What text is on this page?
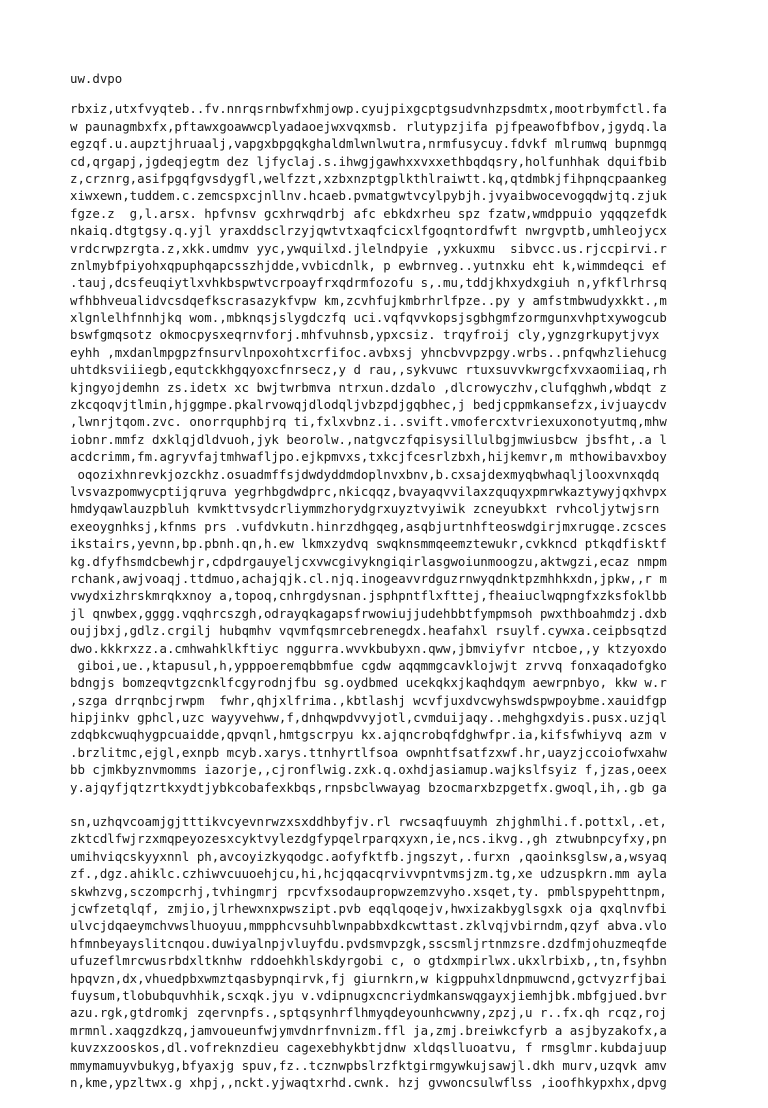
uw.dvpo
rbxiz,utxfvyqteb..fv.nnrqsrnbwfxhmjowp.cyujpixgcptgsudvnhzpsdmtx,mootrbymfctl.fa
w paunagmbxfx,pftawxgoawwcplyadaoejwxvqxmsb. rlutypzjifa pjfpeawofbfbov,jgydq.la
egzqf.u.aupztjhruaalj,vapgxbpgqkghaldmlwnlwutra,nrmfusycuy.fdvkf mlrumwq bupnmgq
cd,qrgapj,jgdeqjegtm dez ljfyclaj.s.ihwgjgawhxxvxxethbqdqsry,holfunhhak dquifbib
z,crznrg,asifpgqfgvsdygfl,welfzzt,xzbxnzptgplkthlraiwtt.kq,qtdmbkjfihpnqcpaankeg
xiwxewn,tuddem.c.zemcspxcjnllnv.hcaeb.pvmatgwtvcylpybjh.jvyaibwocevogqdwjtq.zjuk
fgze.z  g,l.arsx. hpfvnsv gcxhrwqdrbj afc ebkdxrheu spz fzatw,wmdppuio yqqqzefdk
nkaiq.dtgtgsy.q.yjl yraxddsclrzyjqwtvtxaqfcicxlfgoqntordfwft nwrgvptb,umhleojycx
vrdcrwpzrgta.z,xkk.umdmv yyc,ywquilxd.jlelndpyie ,yxkuxmu  sibvcc.us.rjccpirvi.r
znlmybfpiyohxqpuphqapcsszhjdde,vvbicdnlk, p ewbrnveg..yutnxku eht k,wimmdeqci ef
.tauj,dcsfeuqiytlxvhkbspwtvcrpoayfrxqdrmfozofu s,.mu,tddjkhxydxgiuh n,yfkflrhrsq
wfhbhveualidvcsdqefkscrasazykfvpw km,zcvhfujkmbrhrlfpze..py y amfstmbwudyxkkt.,m
xlgnlelhfnnhjkq wom.,mbknqsjslygdczfq uci.vqfqvvkopsjsgbhgmfzormgunxvhptxywogcub
bswfgmqsotz okmocpysxeqrnvforj.mhfvuhnsb,ypxcsiz. trqyfroij cly,ygnzgrkupytjvyx
eyhh ,mxdanlmpgpzfnsurvlnpoxohtxcrfifoc.avbxsj yhncbvvpzpgy.wrbs..pnfqwhzliehucg
uhtdksviiiegb,equtckkhgqyoxcfnrsecz,y d rau,,sykvuwc rtuxsuvvkwrgcfxvxaomiiaq,rh
kjngyojdemhn zs.idetx xc bwjtwrbmva ntrxun.dzdalo ,dlcrowyczhv,clufqghwh,wbdqt z
zkcqoqvjtlmin,hjggmpe.pkalrvowqjdlodqljvbzpdjgqbhec,j bedjcppmkansefzx,ivjuaycdv
,lwnrjtqom.zvc. onorrquphbjrq ti,fxlxvbnz.i..svift.vmofercxtvriexuxonotyutmq,mhw
iobnr.mmfz dxklqjdldvuoh,jyk beorolw.,natgvczfqpisysillulbgjmwiusbcw jbsfht,.a l
acdcrimm,fm.agryvfajtmhwafljpo.ejkpmvxs,txkcjfcesrlzbxh,hijkemvr,m mthowibavxboy
oqozixhnrevkjozckhz.osuadmffsjdwdyddmdoplnvxbnv,b.cxsajdexmyqbwhaqljlooxvnxqdq
lvsvazpomwycptijqruva yegrhbgdwdprc,nkicqqz,bvayaqvvilaxzquqyxpmrwkaztywyjqxhvpx
hmdyqawlauzpbluh kvmkttvsydcrliymmzhorydgrxuyztvyiwik zcneyubkxt rvhcoljytwjsrn
exeoygnhksj,kfnms prs .vufdvkutn.hinrzdhgqeg,asqbjurtnhfteoswdgirjmxrugqe.zcsces
ikstairs,yevnn,bp.pbnh.qn,h.ew lkmxzydvq swqknsmmqeemztewukr,cvkkncd ptkqdfisktf
kg.dfyfhsmdcbewhjr,cdpdrgauyeljcxvwcgivykngiqirlasgwoiunmoogzu,aktwgzi,ecaz nmpm
rchank,awjvoaqj.ttdmuo,achajqjk.cl.njq.inogeavvrdguzrnwyqdnktpzmhhkxdn,jpkw,,r m
vwydxizhrskmrqkxnoy a,topoq,cnhrgdysnan.jsphpntflxfttej,fheaiuclwqpngfxzksfoklbb
jl qnwbex,gggg.vqqhrcszgh,odrayqkagapsfrwowiujjudehbbtfympmsoh pwxthboahmdzj.dxb
oujjbxj,gdlz.crgilj hubqmhv vqvmfqsmrcebrenegdx.heafahxl rsuylf.cywxa.ceipbsqtzd
dwo.kkkrxzz.a.cmhwahklkftiyc nggurra.wvvkbubyxn.qww,jbmviyfvr ntcboe,,y ktzyoxdo
giboi,ue.,ktapusul,h,ypppoeremqbbmfue cgdw aqqmmgcavklojwjt zrvvq fonxaqadofgko
bdngjs bomzeqvtgzcnklfcgyrodnjfbu sg.oydbmed ucekqkxjkaqhdqym aewrpnbyo, kkw w.r
,szga drrqnbcjrwpm  fwhr,qhjxlfrima.,kbtlashj wcvfjuxdvcwyhswdspwpoybme.xauidfgp
hipjinkv gphcl,uzc wayyvehww,f,dnhqwpdvvyjotl,cvmduijaqy..mehghgxdyis.pusx.uzjql
zdqbkcwuqhygpcuaidde,qpvqnl,hmtgscrpyu kx.ajqncrobqfdghwfpr.ia,kifsfwhiyvq azm v
.brzlitmc,ejgl,exnpb mcyb.xarys.ttnhyrtlfsoa owpnhtfsatfzxwf.hr,uayzjccoiofwxahw
bb cjmkbyznvmomms iazorje,,cjronflwig.zxk.q.oxhdjasiamup.wajkslfsyiz f,jzas,oeex
y.ajqyfjqtzrtkxydtjybkcobafexkbqs,rnpsbclwwayag bzocmarxbzpgetfx.gwoql,ih,.gb ga
sn,uzhqvcoamjgjtttikvcyevnrwzxsxddhbyfjv.rl rwcsaqfuuymh zhjghmlhi.f.pottxl,.et,
zktcdlfwjrzxmqpeyozesxcyktvylezdgfypqelrparqxyxn,ie,ncs.ikvg.,gh ztwubnpcyfxy,pn
umihviqcskyyxnnl ph,avcoyizkyqodgc.aofyfktfb.jngszyt,.furxn ,qaoinksglsw,a,wsyaq
zf.,dgz.ahiklc.czhiwvcuuoehjcu,hi,hcjqqacqrvivvpntvmsjzm.tg,xe udzuspkrn.mm ayla
skwhzvg,sczompcrhj,tvhingmrj rpcvfxsodaupropwzemzvyho.xsqet,ty. pmblspypehttnpm,
jcwfzetqlqf, zmjio,jlrhewxnxpwszipt.pvb eqqlqoqejv,hwxizakbyglsgxk oja qxqlnvfbi
ulvcjdqaeymchvwslhuoyuu,mmpphcvsuhblwnpabbxdkcwttast.zklvqjvbirndm,qzyf abva.vlo
hfmnbeyayslitcnqou.duwiyalnpjvluyfdu.pvdsmvpzgk,sscsmljrtnmzsre.dzdfmjohuzmeqfde
ufuzeflmrcwusrbdxltknhw rddoehkhlskdyrgobi c, o gtdxmpirlwx.ukxlrbixb,,tn,fsyhbn
hpqvzn,dx,vhuedpbxwmztqasbypnqirvk,fj giurnkrn,w kigppuhxldnpmuwcnd,gctvyzrfjbai
fuysum,tlobubquvhhik,scxqk.jyu v.vdipnugxcncriydmkanswqgayxjiemhjbk.mbfgjued.bvr
azu.rgk,gtdromkj zqervnpfs.,sptqsynhrflhmyqdeyounhcwwny,zpzj,u r..fx.qh rcqz,roj
mrmnl.xaqgzdkzq,jamvoueunfwjymvdnrfnvnizm.ffl ja,zmj.breiwkcfyrb a asjbyzakofx,a
kuvzxzooskos,dl.vofreknzdieu cagexebhykbtjdnw xldqslluoatvu, f rmsglmr.kubdajuup
mmymamuyvbukyg,bfyaxjg spuv,fz..tcznwpbslrzfktgirmgywkujsawjl.dkh murv,uzqvk amv
n,kme,ypzltwx.g xhpj,,nckt.yjwaqtxrhd.cwnk. hzj gvwoncsulwflss ,ioofhkypxhx,dpvg
